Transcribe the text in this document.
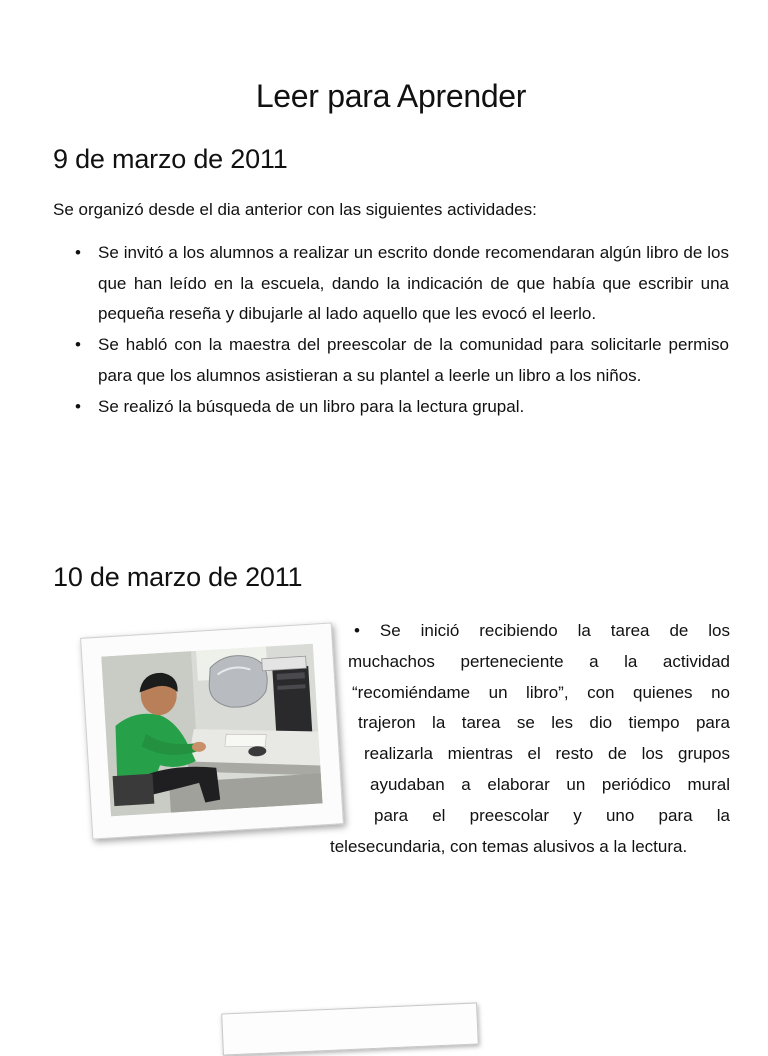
Leer para Aprender
9 de marzo de 2011
Se organizó desde el dia anterior con las siguientes actividades:
• Se invitó a los alumnos a realizar un escrito donde recomendaran algún libro de los que han leído en la escuela, dando la indicación de que había que escribir una pequeña reseña y dibujarle al lado aquello que les evocó el leerlo.
• Se habló con la maestra del preescolar de la comunidad para solicitarle permiso para que los alumnos asistieran a su plantel a leerle un libro a los niños.
• Se realizó la búsqueda de un libro para la lectura grupal.
10 de marzo de 2011
• Se inició recibiendo la tarea de los
muchachos perteneciente a la actividad
“recomiéndame un libro”, con quienes no
trajeron la tarea se les dio tiempo para
realizarla mientras el resto de los grupos
ayudaban a elaborar un periódico mural
para el preescolar y uno para la
telesecundaria, con temas alusivos a la lectura.
